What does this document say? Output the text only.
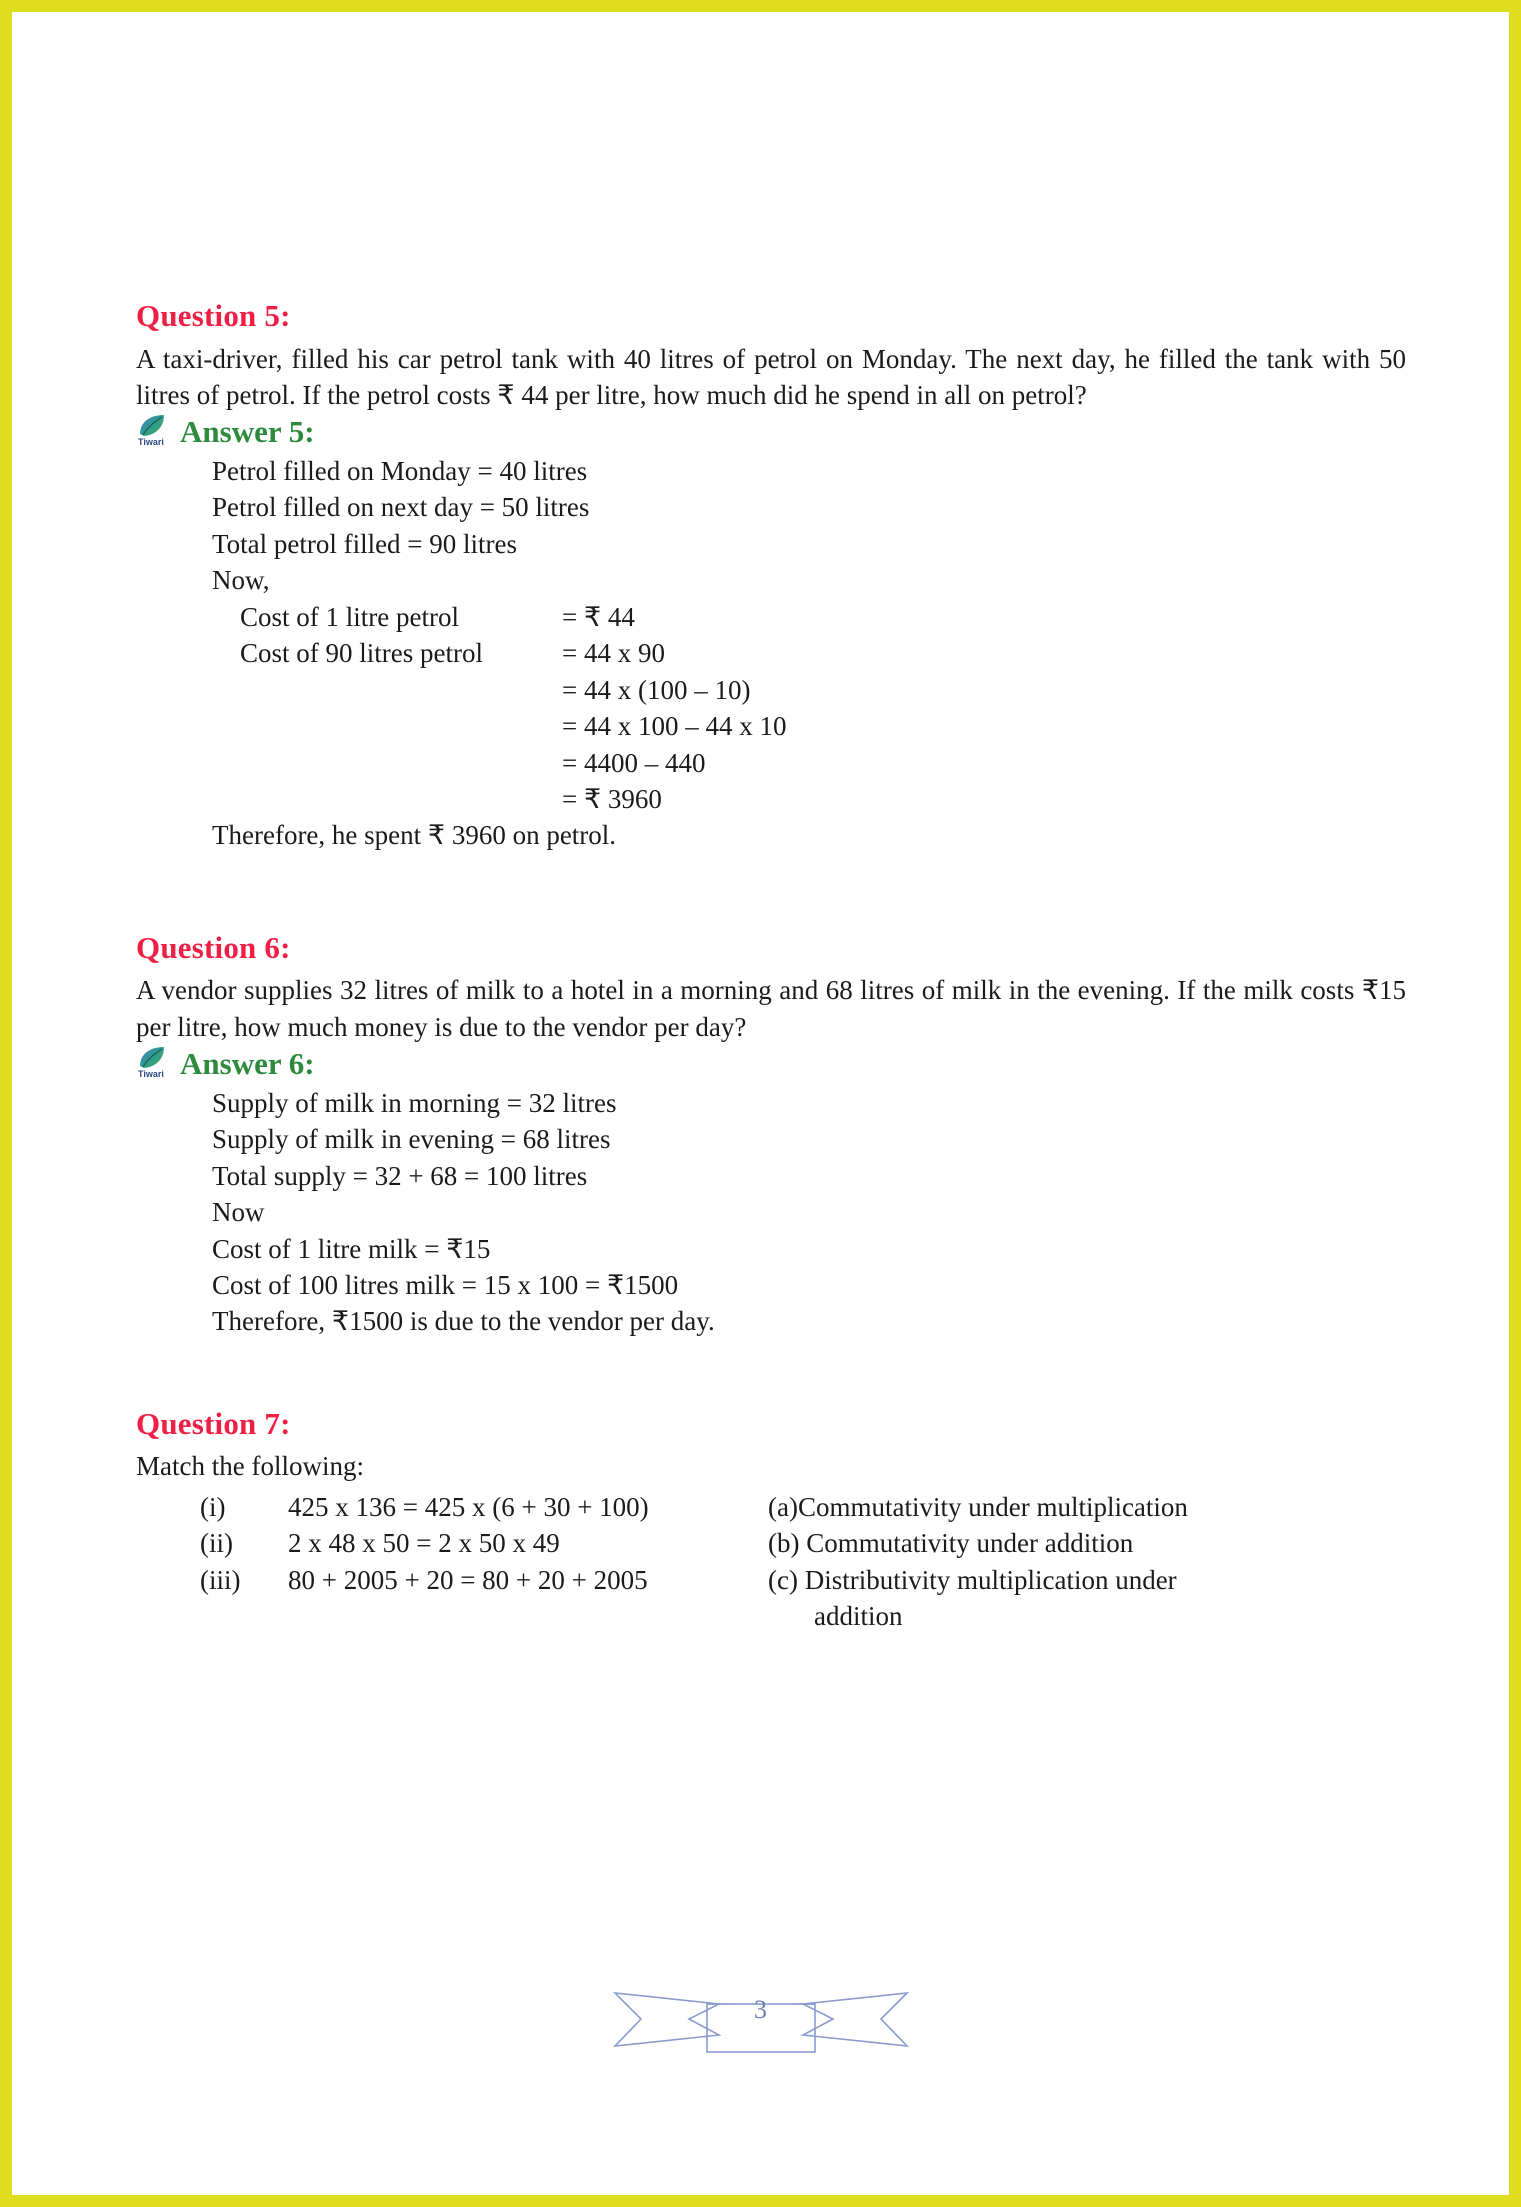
Question 5:
A taxi-driver, filled his car petrol tank with 40 litres of petrol on Monday. The next day, he filled the tank with 50 litres of petrol. If the petrol costs ₹ 44 per litre, how much did he spend in all on petrol?
Tiwari Answer 5:
Petrol filled on Monday = 40 litres
Petrol filled on next day = 50 litres
Total petrol filled = 90 litres
Now,
Cost of 1 litre petrol	= ₹ 44
Cost of 90 litres petrol	= 44 x 90
= 44 x (100 – 10)
= 44 x 100 – 44 x 10
= 4400 – 440
= ₹ 3960
Therefore, he spent ₹ 3960 on petrol.
Question 6:
A vendor supplies 32 litres of milk to a hotel in a morning and 68 litres of milk in the evening. If the milk costs ₹15 per litre, how much money is due to the vendor per day?
Tiwari Answer 6:
Supply of milk in morning = 32 litres
Supply of milk in evening = 68 litres
Total supply = 32 + 68 = 100 litres
Now
Cost of 1 litre milk = ₹15
Cost of 100 litres milk = 15 x 100 = ₹1500
Therefore, ₹1500 is due to the vendor per day.
Question 7:
Match the following:
(i)	425 x 136 = 425 x (6 + 30 + 100)	(a)Commutativity under multiplication
(ii)	2 x 48 x 50 = 2 x 50 x 49	(b) Commutativity under addition
(iii)	80 + 2005 + 20 = 80 + 20 + 2005	(c) Distributivity multiplication under
addition
3
